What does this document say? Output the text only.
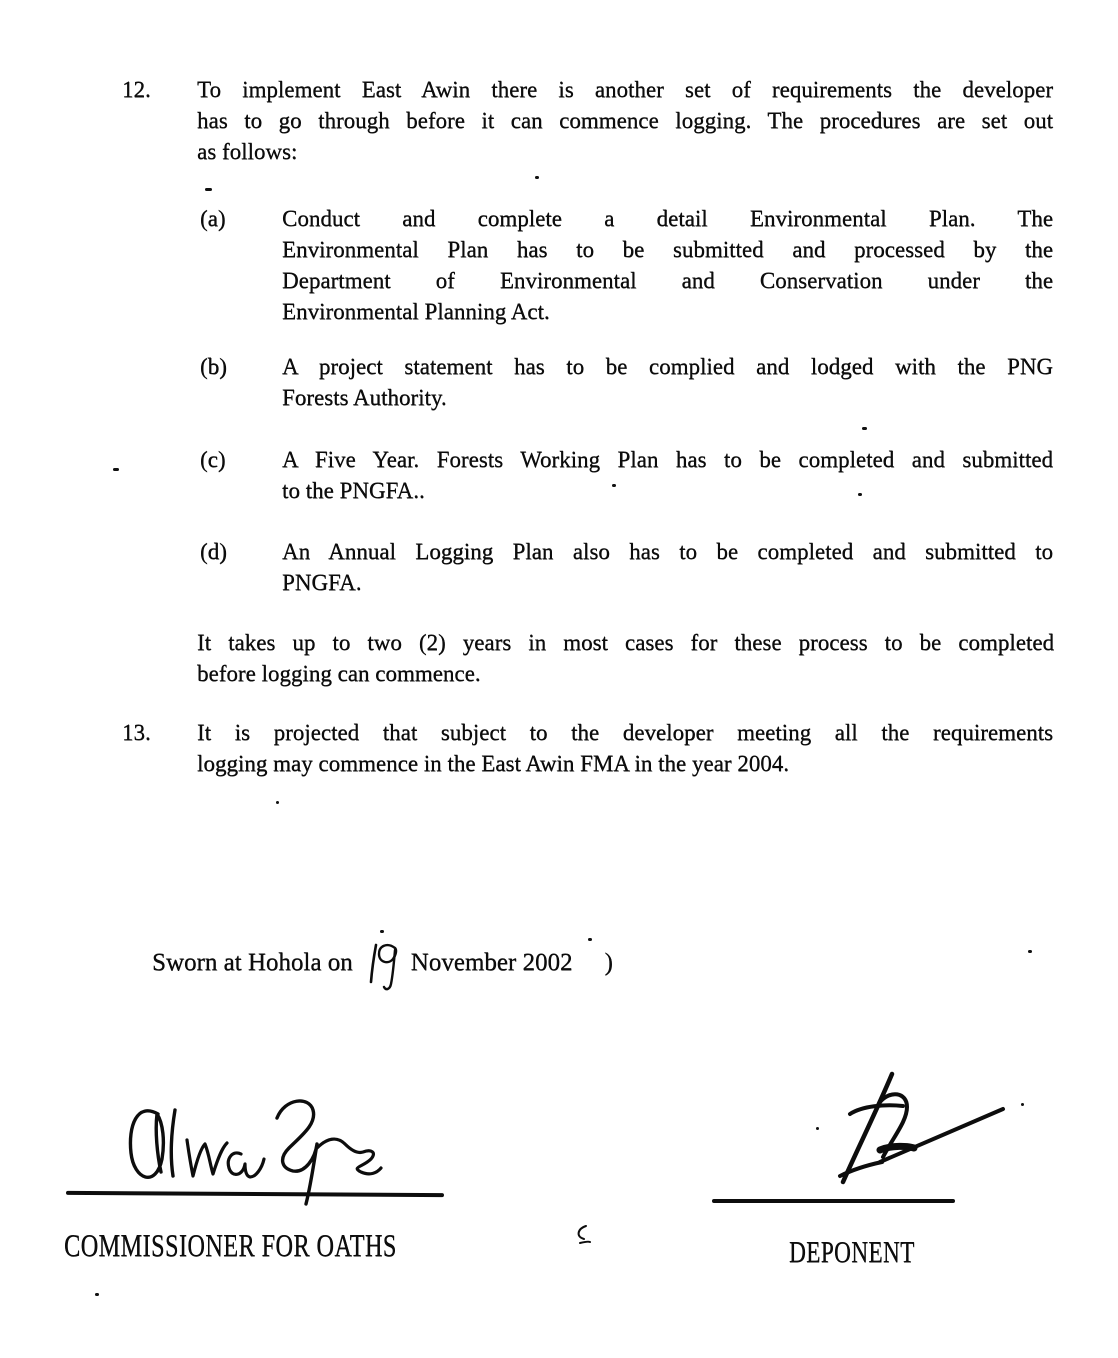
12.	To implement East Awin there is another set of requirements the developer
has to go through before it can commence logging. The procedures are set out
as follows:
(a)	Conduct and complete a detail Environmental Plan. The
Environmental Plan has to be submitted and processed by the
Department of Environmental and Conservation under the
Environmental Planning Act.
(b)	A project statement has to be complied and lodged with the PNG
Forests Authority.
(c)	A Five Year. Forests Working Plan has to be completed and submitted
to the PNGFA..
(d)	An Annual Logging Plan also has to be completed and submitted to
PNGFA.
It takes up to two (2) years in most cases for these process to be completed
before logging can commence.
13.	It is projected that subject to the developer meeting all the requirements
logging may commence in the East Awin FMA in the year 2004.
Sworn at Hohola on November 2002 )
COMMISSIONER FOR OATHS	DEPONENT
